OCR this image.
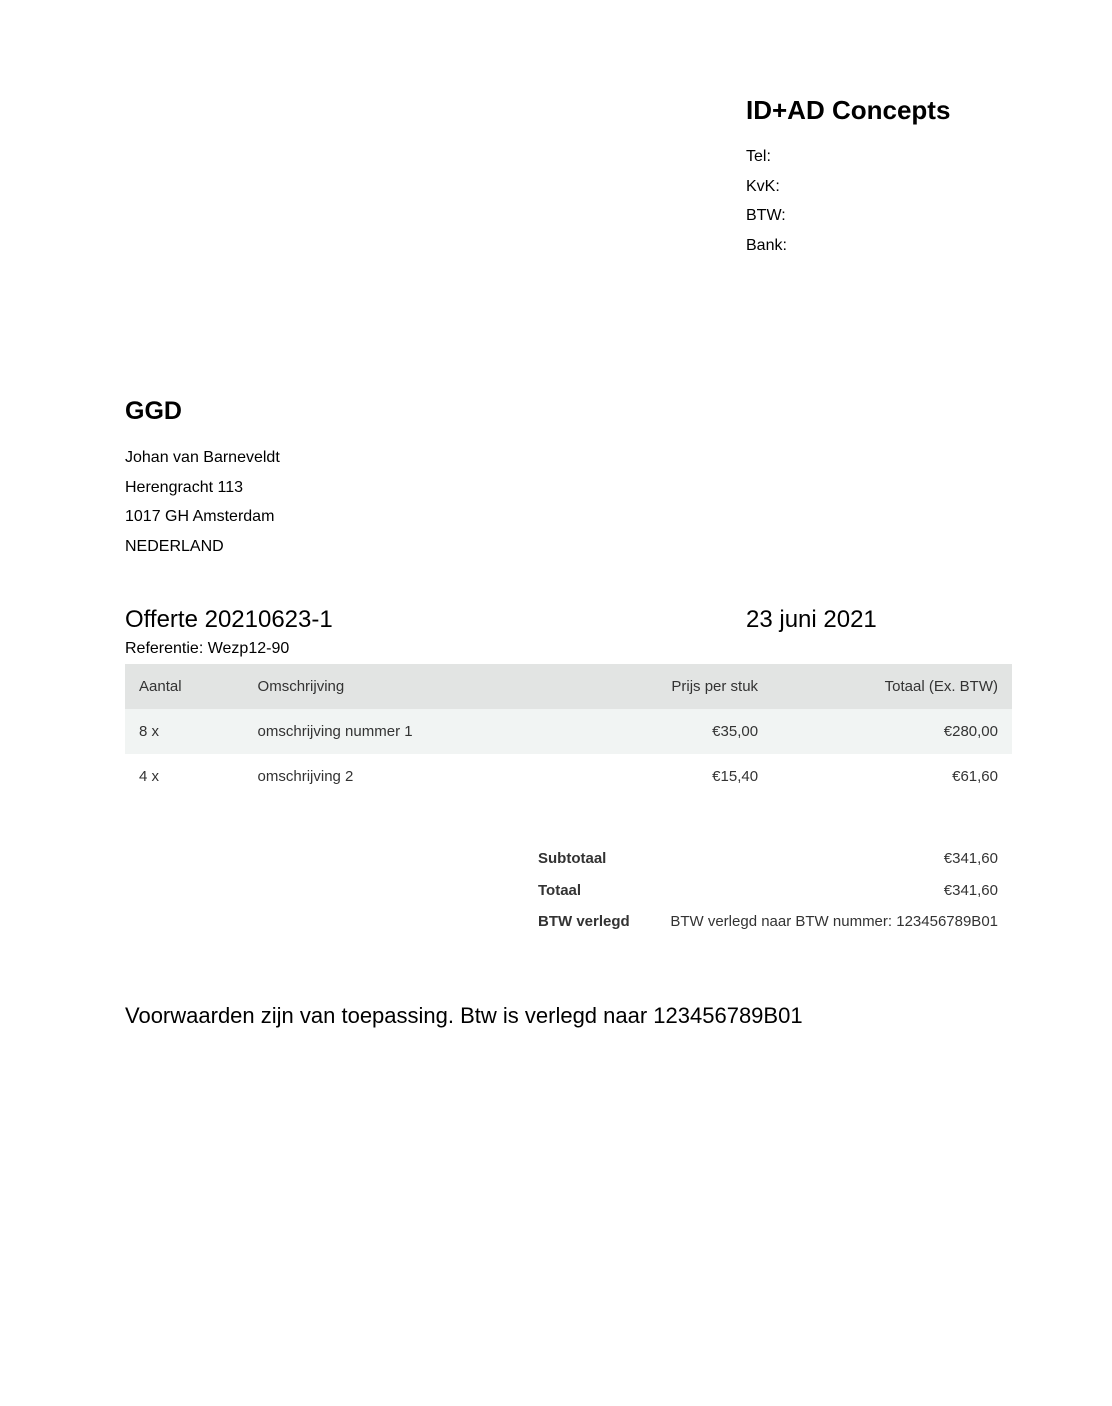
ID+AD Concepts
Tel:
KvK:
BTW:
Bank:
GGD
Johan van Barneveldt
Herengracht 113
1017 GH Amsterdam
NEDERLAND
Offerte 20210623-1	23 juni 2021
Referentie: Wezp12-90
Aantal	Omschrijving	Prijs per stuk	Totaal (Ex. BTW)
8 x	omschrijving nummer 1	€35,00	€280,00
4 x	omschrijving 2	€15,40	€61,60
Subtotaal	€341,60
Totaal	€341,60
BTW verlegd	BTW verlegd naar BTW nummer: 123456789B01
Voorwaarden zijn van toepassing. Btw is verlegd naar 123456789B01
